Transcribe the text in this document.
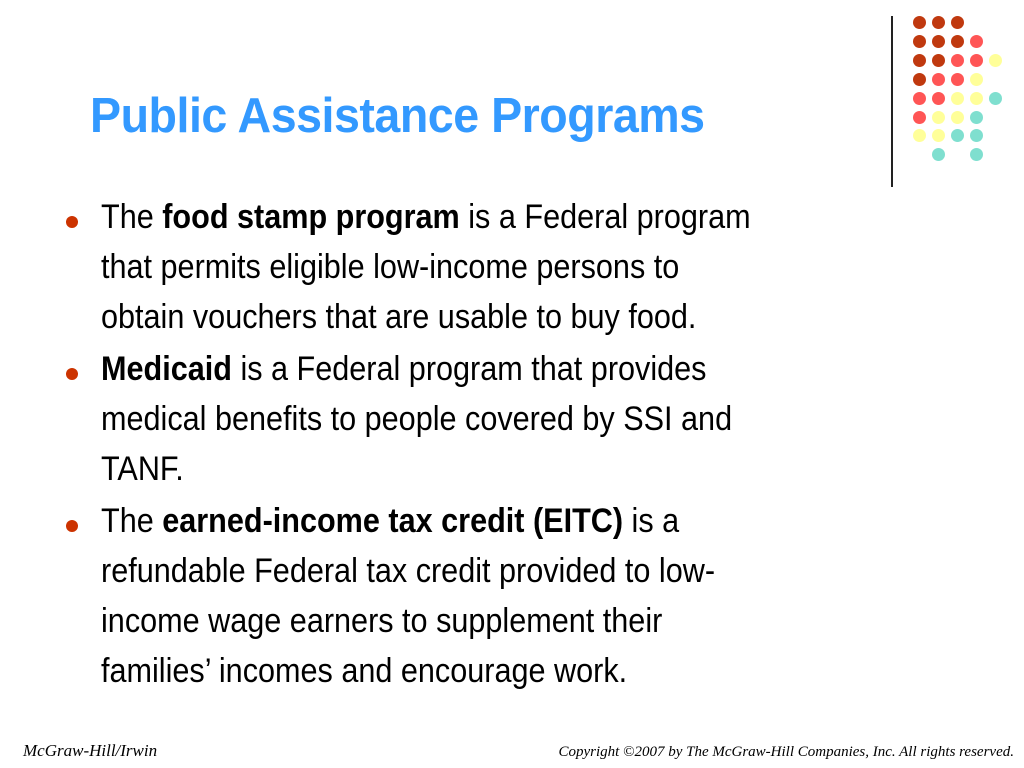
Public Assistance Programs
The food stamp program is a Federal program
that permits eligible low-income persons to
obtain vouchers that are usable to buy food.
Medicaid is a Federal program that provides
medical benefits to people covered by SSI and
TANF.
The earned-income tax credit (EITC) is a
refundable Federal tax credit provided to low-
income wage earners to supplement their
families’ incomes and encourage work.
McGraw-Hill/Irwin	Copyright ©2007 by The McGraw-Hill Companies, Inc. All rights reserved.
